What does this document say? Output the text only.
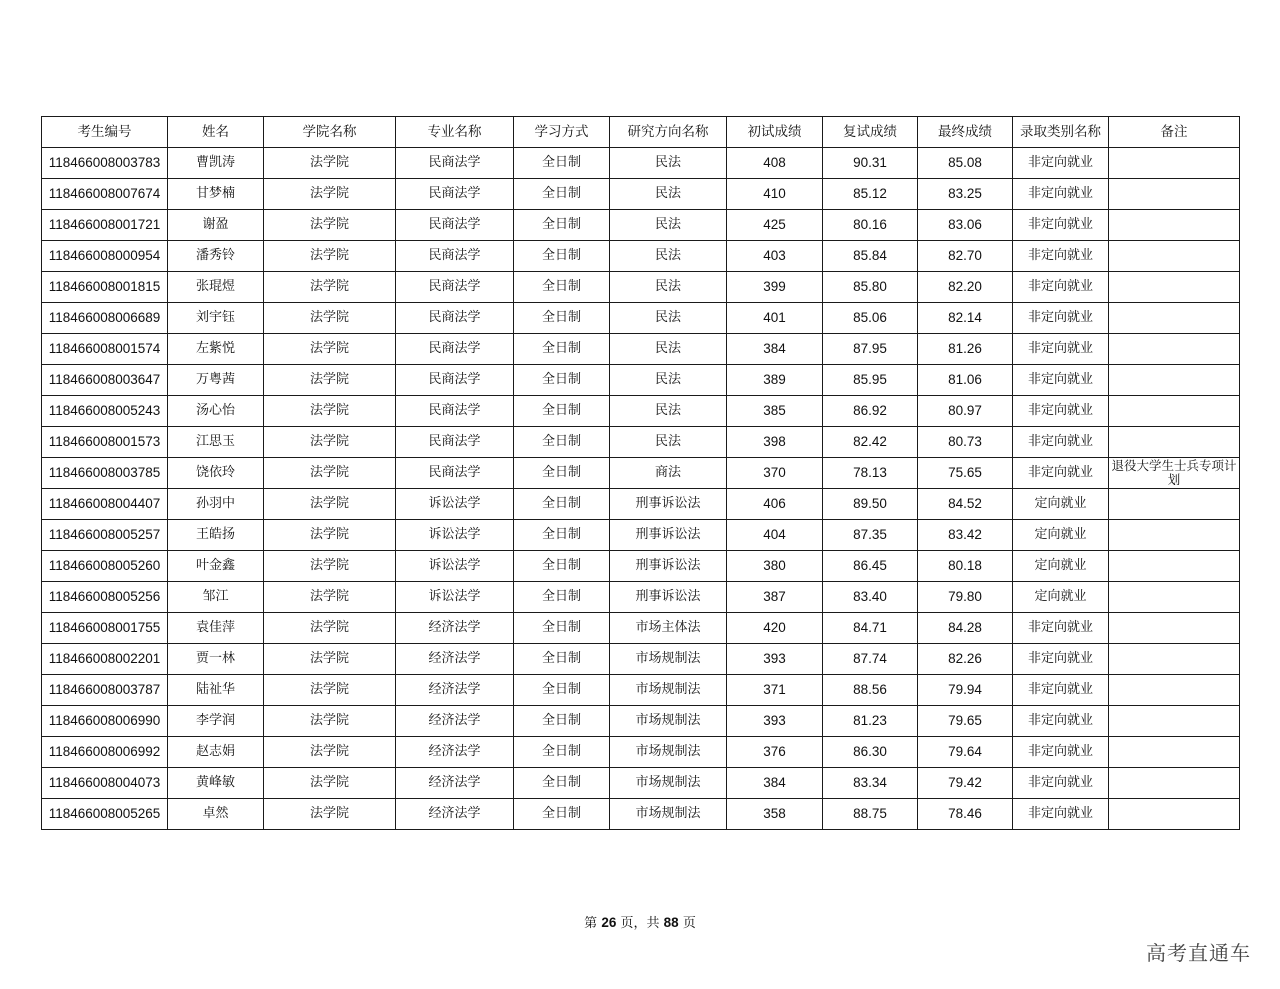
考生编号	姓名	学院名称	专业名称	学习方式	研究方向名称	初试成绩	复试成绩	最终成绩	录取类别名称	备注
118466008003783	曹凯涛	法学院	民商法学	全日制	民法	408	90.31	85.08	非定向就业	
118466008007674	甘梦楠	法学院	民商法学	全日制	民法	410	85.12	83.25	非定向就业	
118466008001721	谢盈	法学院	民商法学	全日制	民法	425	80.16	83.06	非定向就业	
118466008000954	潘秀铃	法学院	民商法学	全日制	民法	403	85.84	82.70	非定向就业	
118466008001815	张琨煜	法学院	民商法学	全日制	民法	399	85.80	82.20	非定向就业	
118466008006689	刘宇钰	法学院	民商法学	全日制	民法	401	85.06	82.14	非定向就业	
118466008001574	左紫悦	法学院	民商法学	全日制	民法	384	87.95	81.26	非定向就业	
118466008003647	万粤茜	法学院	民商法学	全日制	民法	389	85.95	81.06	非定向就业	
118466008005243	汤心怡	法学院	民商法学	全日制	民法	385	86.92	80.97	非定向就业	
118466008001573	江思玉	法学院	民商法学	全日制	民法	398	82.42	80.73	非定向就业	
118466008003785	饶依玲	法学院	民商法学	全日制	商法	370	78.13	75.65	非定向就业	退役大学生士兵专项计划
118466008004407	孙羽中	法学院	诉讼法学	全日制	刑事诉讼法	406	89.50	84.52	定向就业	
118466008005257	王皓扬	法学院	诉讼法学	全日制	刑事诉讼法	404	87.35	83.42	定向就业	
118466008005260	叶金鑫	法学院	诉讼法学	全日制	刑事诉讼法	380	86.45	80.18	定向就业	
118466008005256	邹江	法学院	诉讼法学	全日制	刑事诉讼法	387	83.40	79.80	定向就业	
118466008001755	袁佳萍	法学院	经济法学	全日制	市场主体法	420	84.71	84.28	非定向就业	
118466008002201	贾一林	法学院	经济法学	全日制	市场规制法	393	87.74	82.26	非定向就业	
118466008003787	陆祉华	法学院	经济法学	全日制	市场规制法	371	88.56	79.94	非定向就业	
118466008006990	李学润	法学院	经济法学	全日制	市场规制法	393	81.23	79.65	非定向就业	
118466008006992	赵志娟	法学院	经济法学	全日制	市场规制法	376	86.30	79.64	非定向就业	
118466008004073	黄峰敏	法学院	经济法学	全日制	市场规制法	384	83.34	79.42	非定向就业	
118466008005265	卓然	法学院	经济法学	全日制	市场规制法	358	88.75	78.46	非定向就业	
第 26 页，共 88 页
高考直通车
